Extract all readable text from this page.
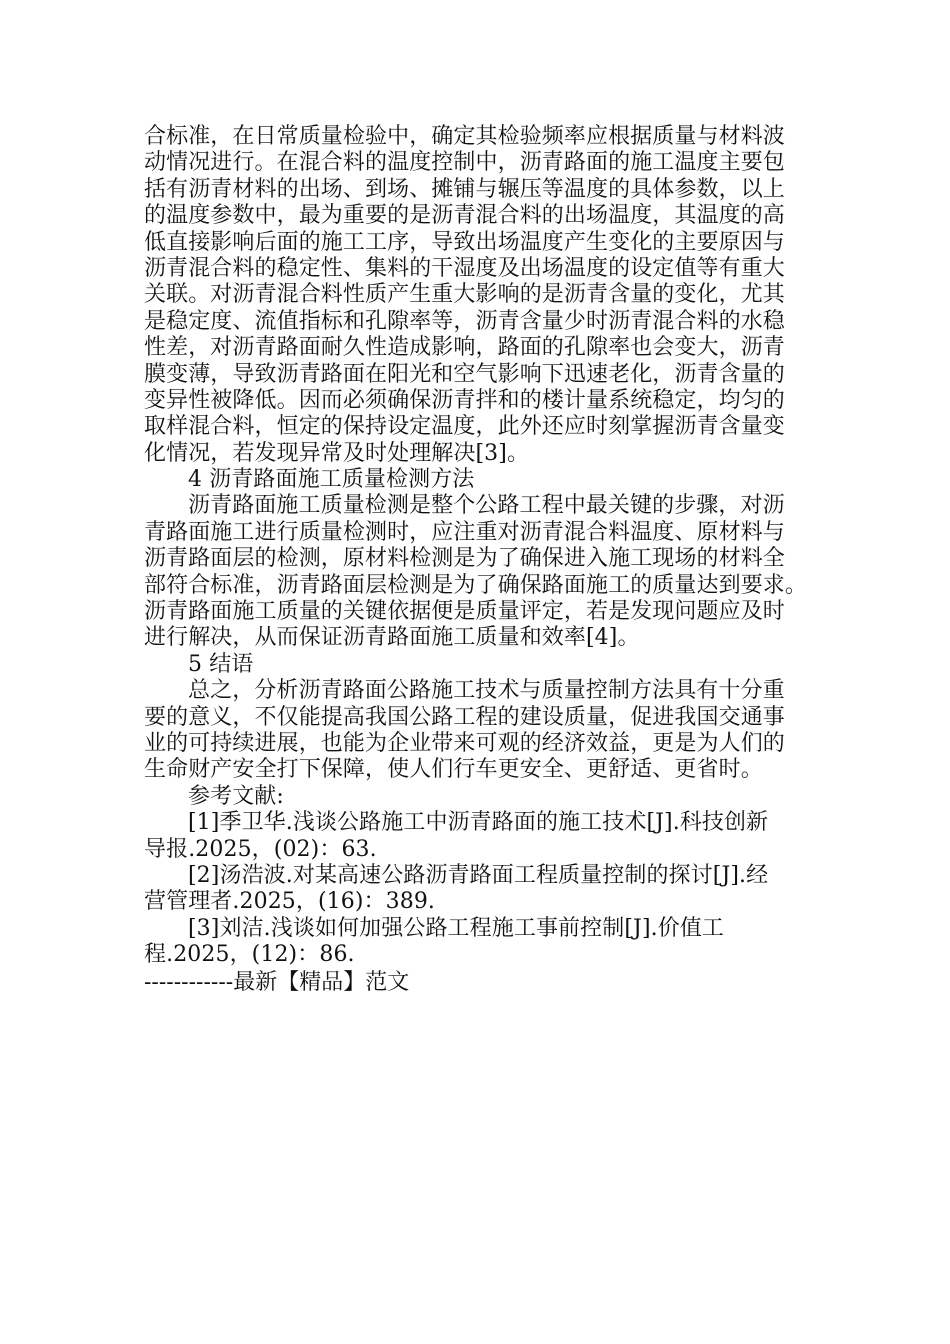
合标准，在日常质量检验中，确定其检验频率应根据质量与材料波
动情况进行。在混合料的温度控制中，沥青路面的施工温度主要包
括有沥青材料的出场、到场、摊铺与辗压等温度的具体参数，以上
的温度参数中，最为重要的是沥青混合料的出场温度，其温度的高
低直接影响后面的施工工序，导致出场温度产生变化的主要原因与
沥青混合料的稳定性、集料的干湿度及出场温度的设定值等有重大
关联。对沥青混合料性质产生重大影响的是沥青含量的变化，尤其
是稳定度、流值指标和孔隙率等，沥青含量少时沥青混合料的水稳
性差，对沥青路面耐久性造成影响，路面的孔隙率也会变大，沥青
膜变薄，导致沥青路面在阳光和空气影响下迅速老化，沥青含量的
变异性被降低。因而必须确保沥青拌和的楼计量系统稳定，均匀的
取样混合料，恒定的保持设定温度，此外还应时刻掌握沥青含量变
化情况，若发现异常及时处理解决[3]。
4 沥青路面施工质量检测方法
沥青路面施工质量检测是整个公路工程中最关键的步骤，对沥
青路面施工进行质量检测时，应注重对沥青混合料温度、原材料与
沥青路面层的检测，原材料检测是为了确保进入施工现场的材料全
部符合标准，沥青路面层检测是为了确保路面施工的质量达到要求。
沥青路面施工质量的关键依据便是质量评定，若是发现问题应及时
进行解决，从而保证沥青路面施工质量和效率[4]。
5 结语
总之，分析沥青路面公路施工技术与质量控制方法具有十分重
要的意义，不仅能提高我国公路工程的建设质量，促进我国交通事
业的可持续进展，也能为企业带来可观的经济效益，更是为人们的
生命财产安全打下保障，使人们行车更安全、更舒适、更省时。
参考文献:
[1]季卫华.浅谈公路施工中沥青路面的施工技术[J].科技创新
导报.2025，(02)：63.
[2]汤浩波.对某高速公路沥青路面工程质量控制的探讨[J].经
营管理者.2025，(16)：389.
[3]刘洁.浅谈如何加强公路工程施工事前控制[J].价值工
程.2025，(12)：86.
------------最新【精品】范文
